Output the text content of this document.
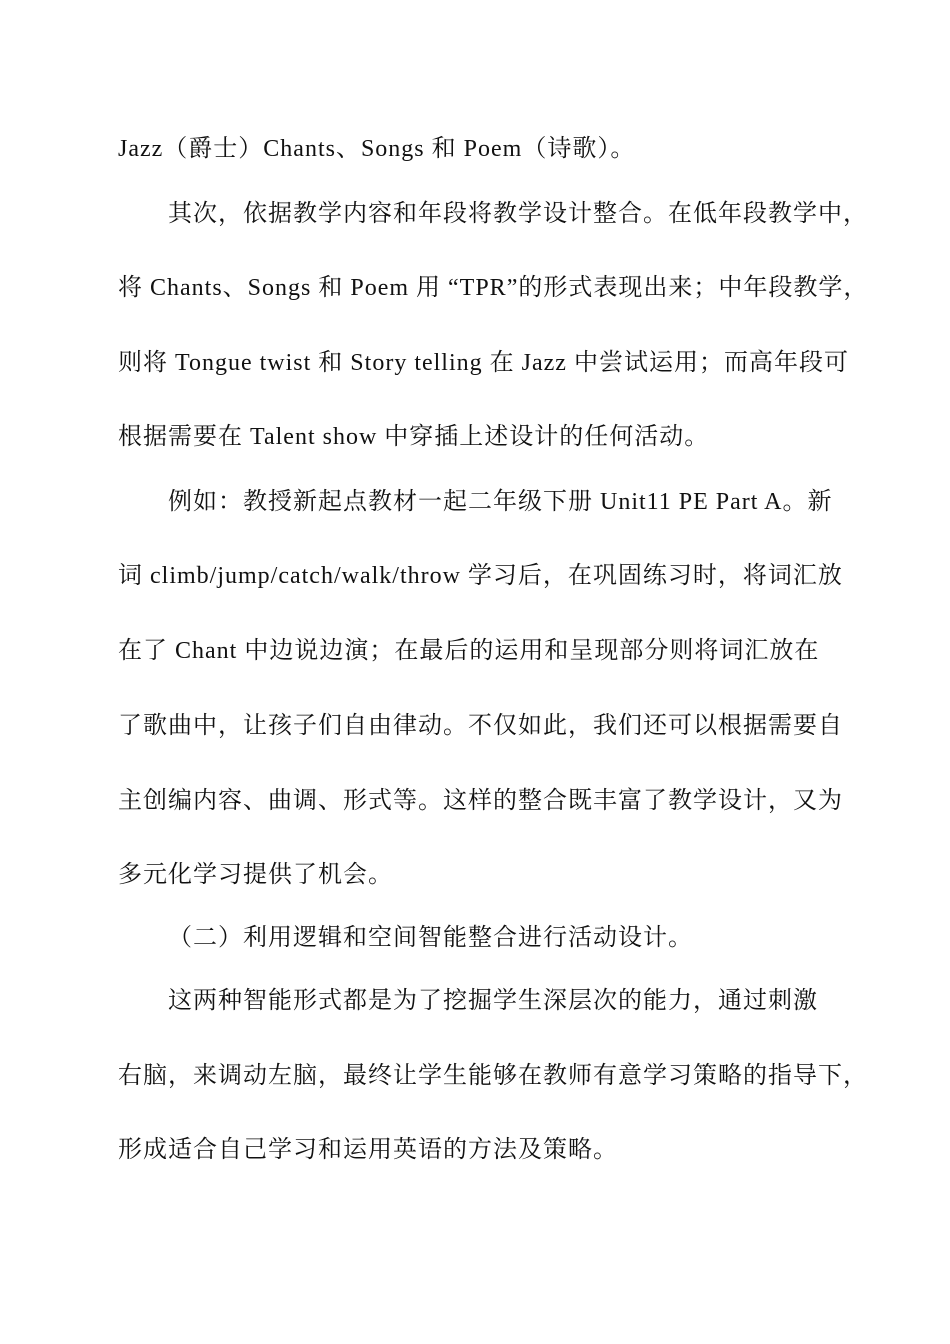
Jazz（爵士）Chants、Songs 和 Poem（诗歌）。
其次，依据教学内容和年段将教学设计整合。在低年段教学中，
将 Chants、Songs 和 Poem 用 “TPR”的形式表现出来；中年段教学，
则将 Tongue twist 和 Story telling 在 Jazz 中尝试运用；而高年段可
根据需要在 Talent show 中穿插上述设计的任何活动。
例如：教授新起点教材一起二年级下册 Unit11 PE Part A。新
词 climb/jump/catch/walk/throw 学习后，在巩固练习时，将词汇放
在了 Chant 中边说边演；在最后的运用和呈现部分则将词汇放在
了歌曲中，让孩子们自由律动。不仅如此，我们还可以根据需要自
主创编内容、曲调、形式等。这样的整合既丰富了教学设计，又为
多元化学习提供了机会。
（二）利用逻辑和空间智能整合进行活动设计。
这两种智能形式都是为了挖掘学生深层次的能力，通过刺激
右脑，来调动左脑，最终让学生能够在教师有意学习策略的指导下，
形成适合自己学习和运用英语的方法及策略。
